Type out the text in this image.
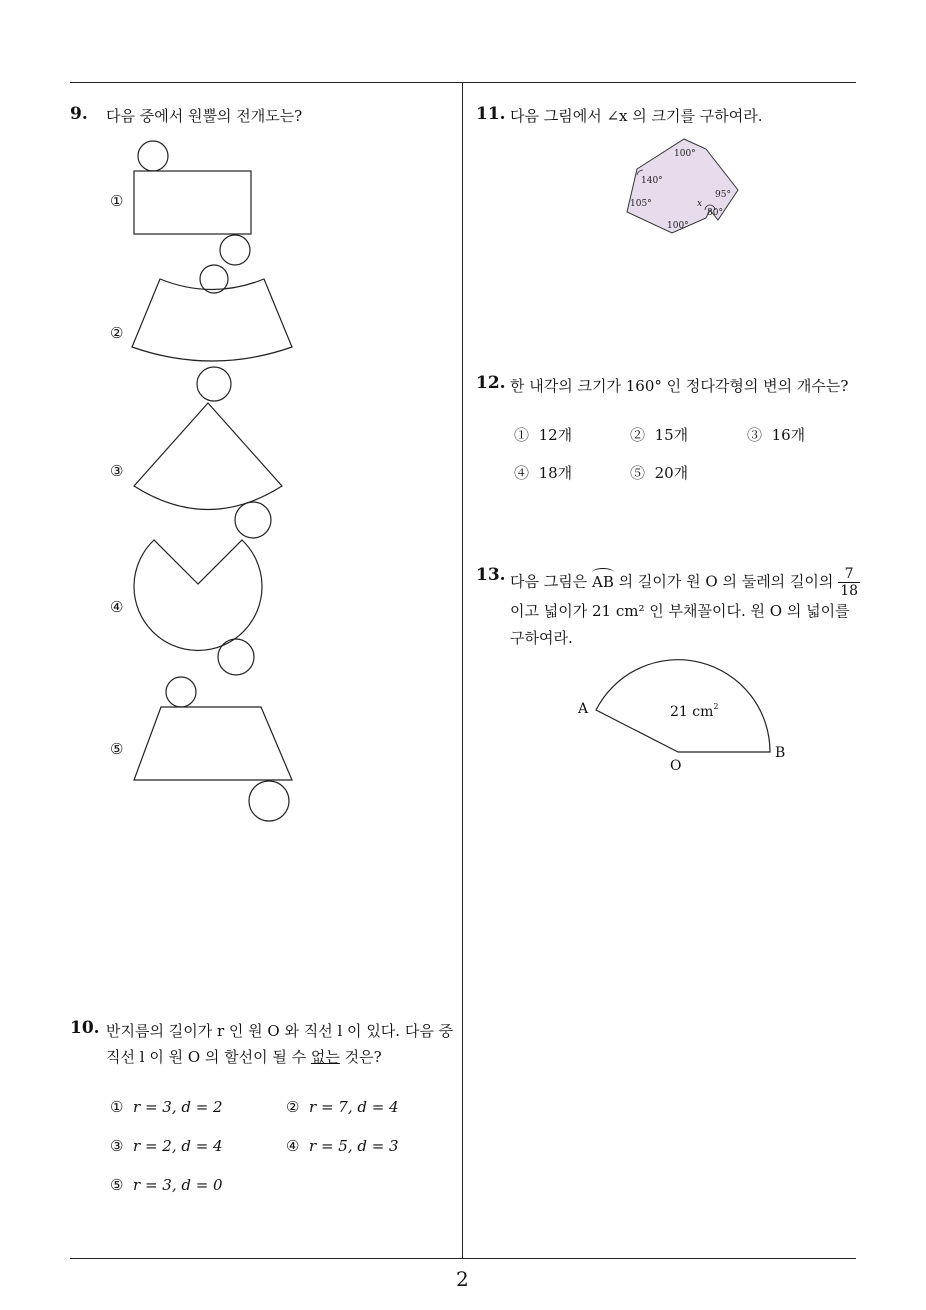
9. 다음 중에서 원뿔의 전개도는?
①
②
③
④
⑤
10. 반지름의 길이가 r 인 원 O 와 직선 l 이 있다. 다음 중
직선 l 이 원 O 의 할선이 될 수 없는 것은?
① r = 3, d = 2	② r = 7, d = 4
③ r = 2, d = 4	④ r = 5, d = 3
⑤ r = 3, d = 0
11. 다음 그림에서 ∠x 의 크기를 구하여라.
100°
140°
105°
100°
95°
80°
x
12. 한 내각의 크기가 160° 인 정다각형의 변의 개수는?
① 12개	② 15개	③ 16개
④ 18개	⑤ 20개
13. 다음 그림은 AB 의 길이가 원 O 의 둘레의 길이의 $\frac{7}{18}$
이고 넓이가 21 cm² 인 부채꼴이다. 원 O 의 넓이를
구하여라.
21 $cm^2$
A
B
O
2
